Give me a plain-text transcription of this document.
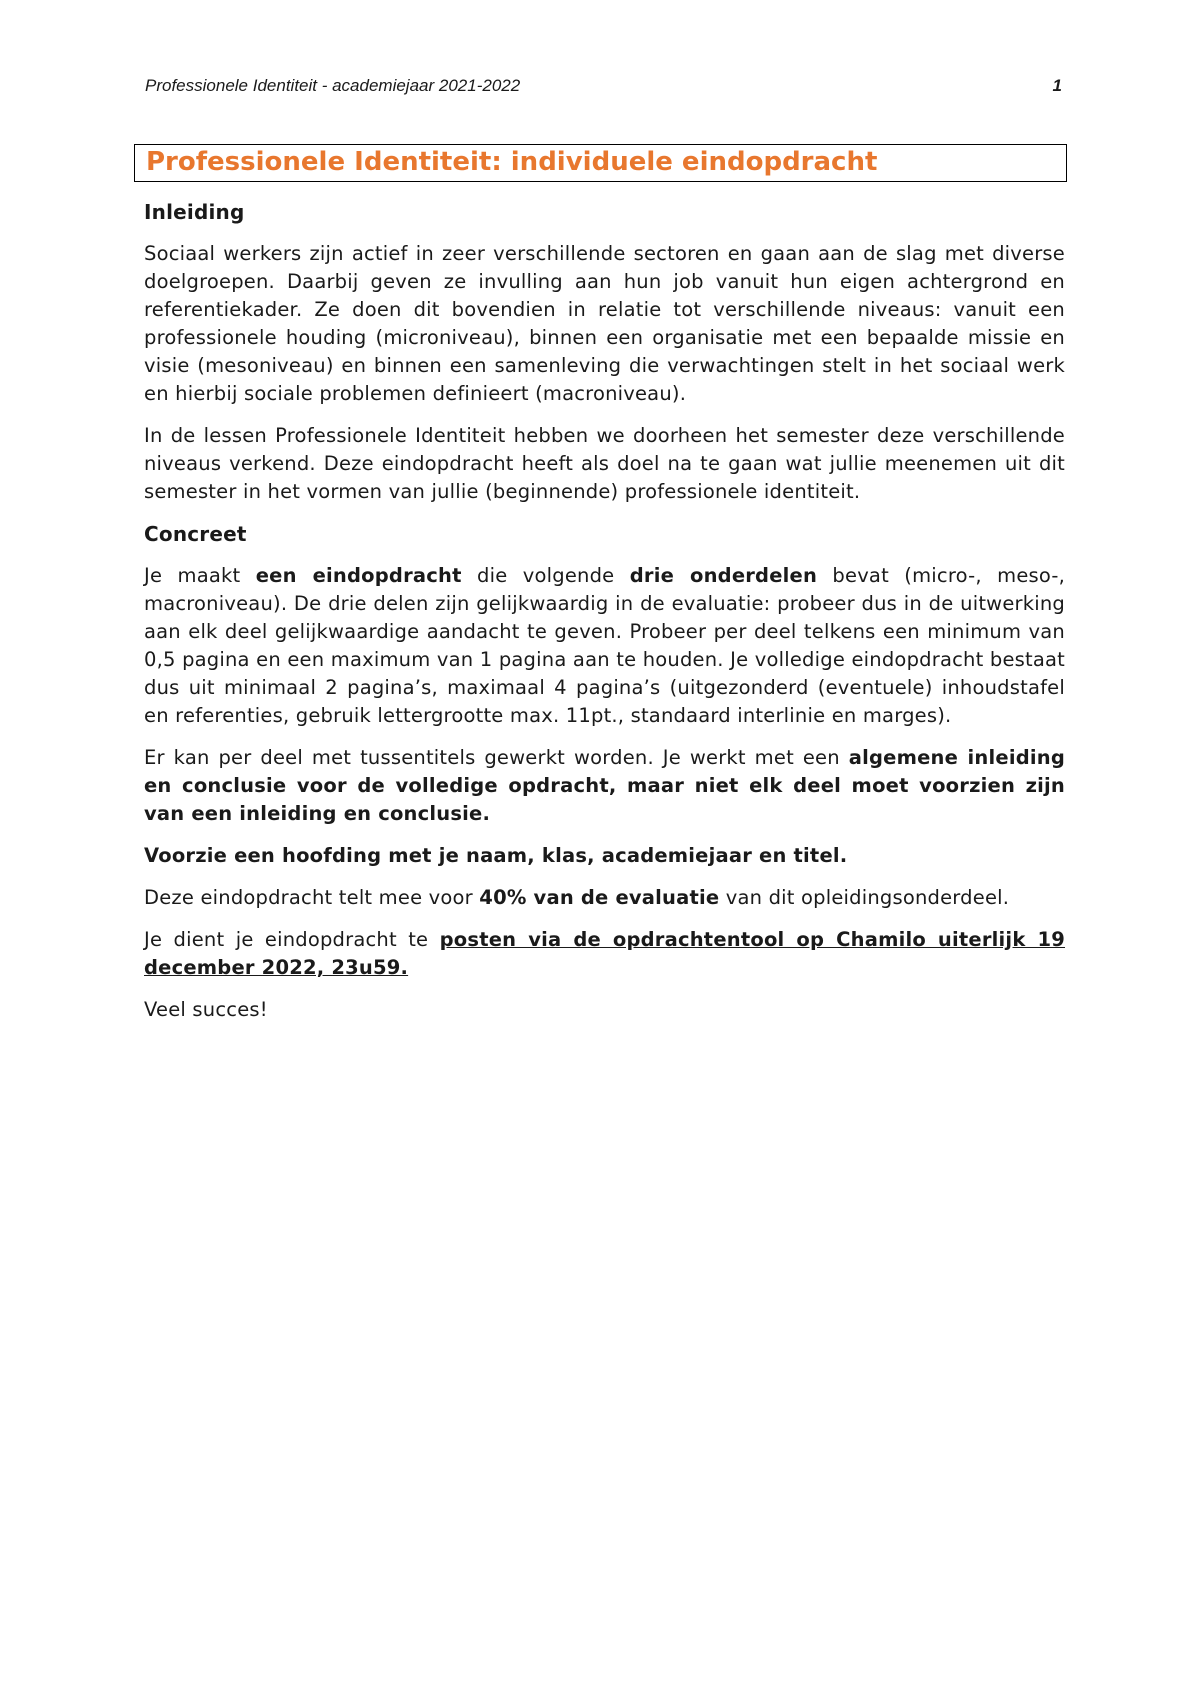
Professionele Identiteit - academiejaar 2021-2022	1
Professionele Identiteit: individuele eindopdracht
Inleiding

Sociaal werkers zijn actief in zeer verschillende sectoren en gaan aan de slag met diverse doelgroepen. Daarbij geven ze invulling aan hun job vanuit hun eigen achtergrond en referentiekader. Ze doen dit bovendien in relatie tot verschillende niveaus: vanuit een professionele houding (microniveau), binnen een organisatie met een bepaalde missie en visie (mesoniveau) en binnen een samenleving die verwachtingen stelt in het sociaal werk en hierbij sociale problemen definieert (macroniveau).

In de lessen Professionele Identiteit hebben we doorheen het semester deze verschillende niveaus verkend. Deze eindopdracht heeft als doel na te gaan wat jullie meenemen uit dit semester in het vormen van jullie (beginnende) professionele identiteit.

Concreet

Je maakt een eindopdracht die volgende drie onderdelen bevat (micro-, meso-, macroniveau). De drie delen zijn gelijkwaardig in de evaluatie: probeer dus in de uitwerking aan elk deel gelijkwaardige aandacht te geven. Probeer per deel telkens een minimum van 0,5 pagina en een maximum van 1 pagina aan te houden. Je volledige eindopdracht bestaat dus uit minimaal 2 pagina’s, maximaal 4 pagina’s (uitgezonderd (eventuele) inhoudstafel en referenties, gebruik lettergrootte max. 11pt., standaard interlinie en marges).

Er kan per deel met tussentitels gewerkt worden. Je werkt met een algemene inleiding en conclusie voor de volledige opdracht, maar niet elk deel moet voorzien zijn van een inleiding en conclusie.

Voorzie een hoofding met je naam, klas, academiejaar en titel.

Deze eindopdracht telt mee voor 40% van de evaluatie van dit opleidingsonderdeel.

Je dient je eindopdracht te posten via de opdrachtentool op Chamilo uiterlijk 19 december 2022, 23u59.

Veel succes!
